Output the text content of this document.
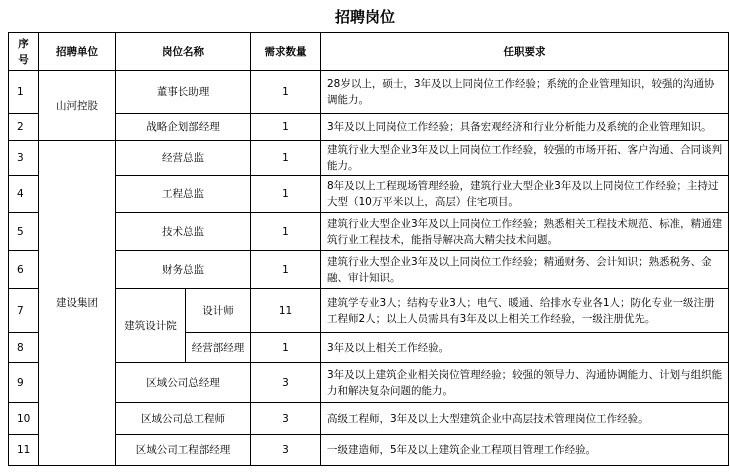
招聘岗位
序号	招聘单位	岗位名称		需求数量	任职要求
1	山河控股	董事长助理		1	28岁以上，硕士，3年及以上同岗位工作经验；系统的企业管理知识，较强的沟通协调能力。
2		战略企划部经理		1	3年及以上同岗位工作经验；具备宏观经济和行业分析能力及系统的企业管理知识。
3	建设集团	经营总监		1	建筑行业大型企业3年及以上同岗位工作经验，较强的市场开拓、客户沟通、合同谈判能力。
4		工程总监		1	8年及以上工程现场管理经验，建筑行业大型企业3年及以上同岗位工作经验；主持过大型（10万平米以上，高层）住宅项目。
5		技术总监		1	建筑行业大型企业3年及以上同岗位工作经验；熟悉相关工程技术规范、标准，精通建筑行业工程技术，能指导解决高大精尖技术问题。
6		财务总监		1	建筑行业大型企业3年及以上同岗位工作经验；精通财务、会计知识；熟悉税务、金融、审计知识。
7		建筑设计院	设计师	11	建筑学专业3人；结构专业3人；电气、暖通、给排水专业各1人；防化专业一级注册工程师2人；以上人员需具有3年及以上相关工作经验，一级注册优先。
8			经营部经理	1	3年及以上相关工作经验。
9		区域公司总经理		3	3年及以上建筑企业相关岗位管理经验；较强的领导力、沟通协调能力、计划与组织能力和解决复杂问题的能力。
10		区域公司总工程师		3	高级工程师，3年及以上大型建筑企业中高层技术管理岗位工作经验。
11		区域公司工程部经理		3	一级建造师，5年及以上建筑企业工程项目管理工作经验。
